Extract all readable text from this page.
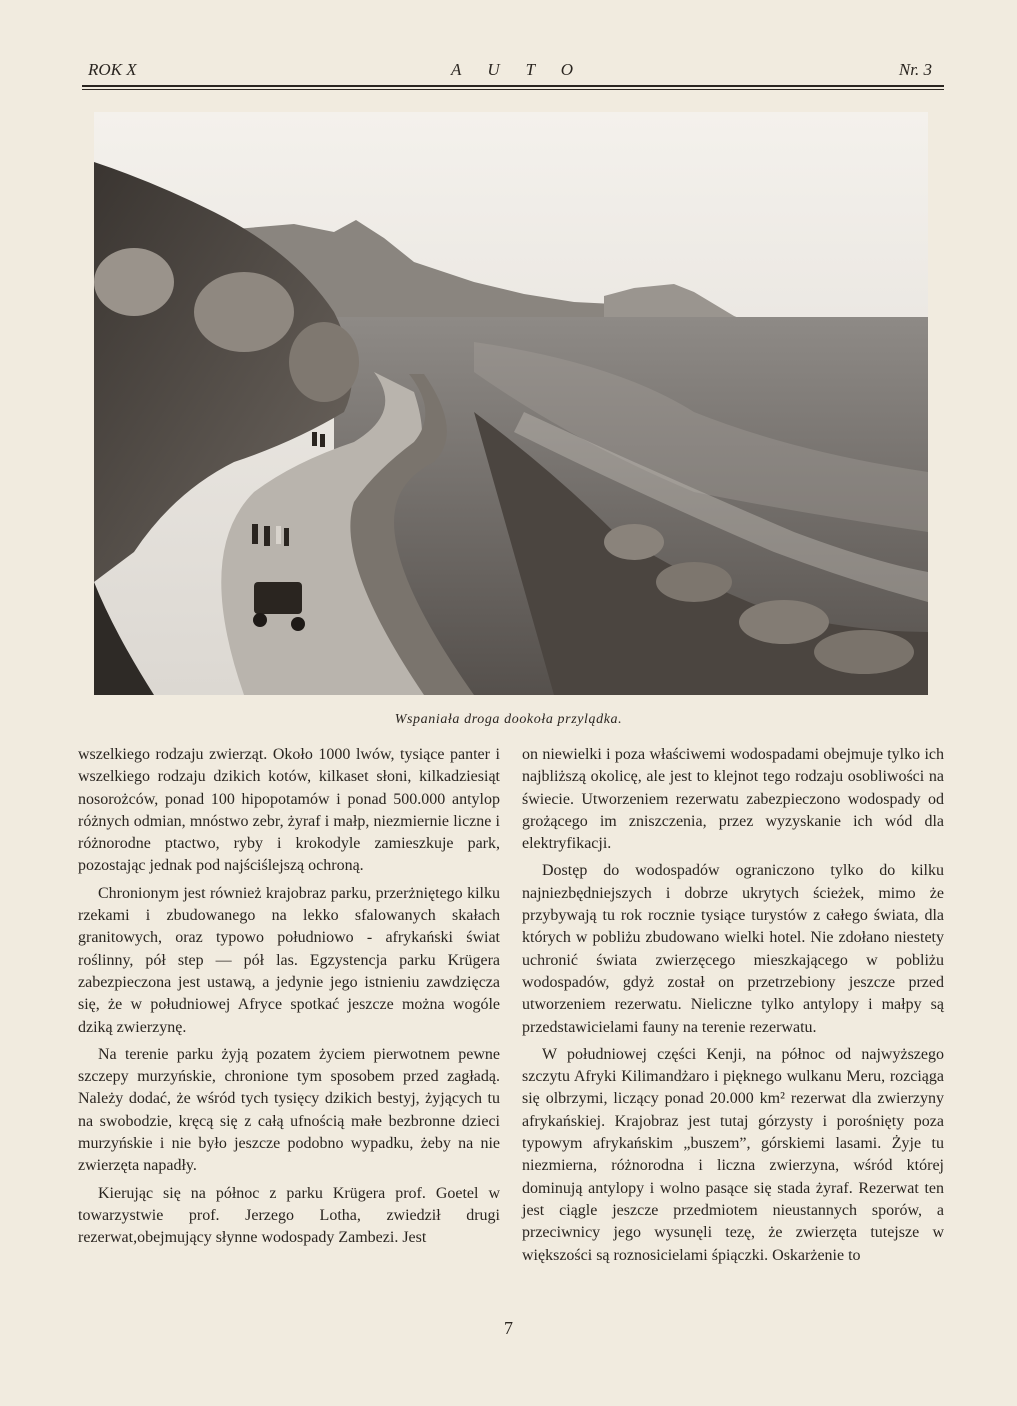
ROK X	AUTO	Nr. 3
Wspaniała droga dookoła przylądka.

wszelkiego rodzaju zwierząt. Około 1000 lwów, tysiące panter i wszelkiego rodzaju dzikich kotów, kilkaset słoni, kilkadziesiąt nosorożców, ponad 100 hipopotamów i ponad 500.000 antylop różnych odmian, mnóstwo zebr, żyraf i małp, niezmiernie liczne i różnorodne ptactwo, ryby i krokodyle zamieszkuje park, pozostając jednak pod najściślejszą ochroną.

Chronionym jest również krajobraz parku, przerżniętego kilku rzekami i zbudowanego na lekko sfalowanych skałach granitowych, oraz typowo południowo - afrykański świat roślinny, pół step — pół las. Egzystencja parku Krügera zabezpieczona jest ustawą, a jedynie jego istnieniu zawdzięcza się, że w południowej Afryce spotkać jeszcze można wogóle dziką zwierzynę.

Na terenie parku żyją pozatem życiem pierwotnem pewne szczepy murzyńskie, chronione tym sposobem przed zagładą. Należy dodać, że wśród tych tysięcy dzikich bestyj, żyjących tu na swobodzie, kręcą się z całą ufnością małe bezbronne dzieci murzyńskie i nie było jeszcze podobno wypadku, żeby na nie zwierzęta napadły.

Kierując się na północ z parku Krügera prof. Goetel w towarzystwie prof. Jerzego Lotha, zwiedził drugi rezerwat,obejmujący słynne wodospady Zambezi. Jest

on niewielki i poza właściwemi wodospadami obejmuje tylko ich najbliższą okolicę, ale jest to klejnot tego rodzaju osobliwości na świecie. Utworzeniem rezerwatu zabezpieczono wodospady od grożącego im zniszczenia, przez wyzyskanie ich wód dla elektryfikacji.

Dostęp do wodospadów ograniczono tylko do kilku najniezbędniejszych i dobrze ukrytych ścieżek, mimo że przybywają tu rok rocznie tysiące turystów z całego świata, dla których w pobliżu zbudowano wielki hotel. Nie zdołano niestety uchronić świata zwierzęcego mieszkającego w pobliżu wodospadów, gdyż został on przetrzebiony jeszcze przed utworzeniem rezerwatu. Nieliczne tylko antylopy i małpy są przedstawicielami fauny na terenie rezerwatu.

W południowej części Kenji, na północ od najwyższego szczytu Afryki Kilimandżaro i pięknego wulkanu Meru, rozciąga się olbrzymi, liczący ponad 20.000 km² rezerwat dla zwierzyny afrykańskiej. Krajobraz jest tutaj górzysty i porośnięty poza typowym afrykańskim „buszem”, górskiemi lasami. Żyje tu niezmierna, różnorodna i liczna zwierzyna, wśród której dominują antylopy i wolno pasące się stada żyraf. Rezerwat ten jest ciągle jeszcze przedmiotem nieustannych sporów, a przeciwnicy jego wysunęli tezę, że zwierzęta tutejsze w większości są roznosicielami śpiączki. Oskarżenie to

7
